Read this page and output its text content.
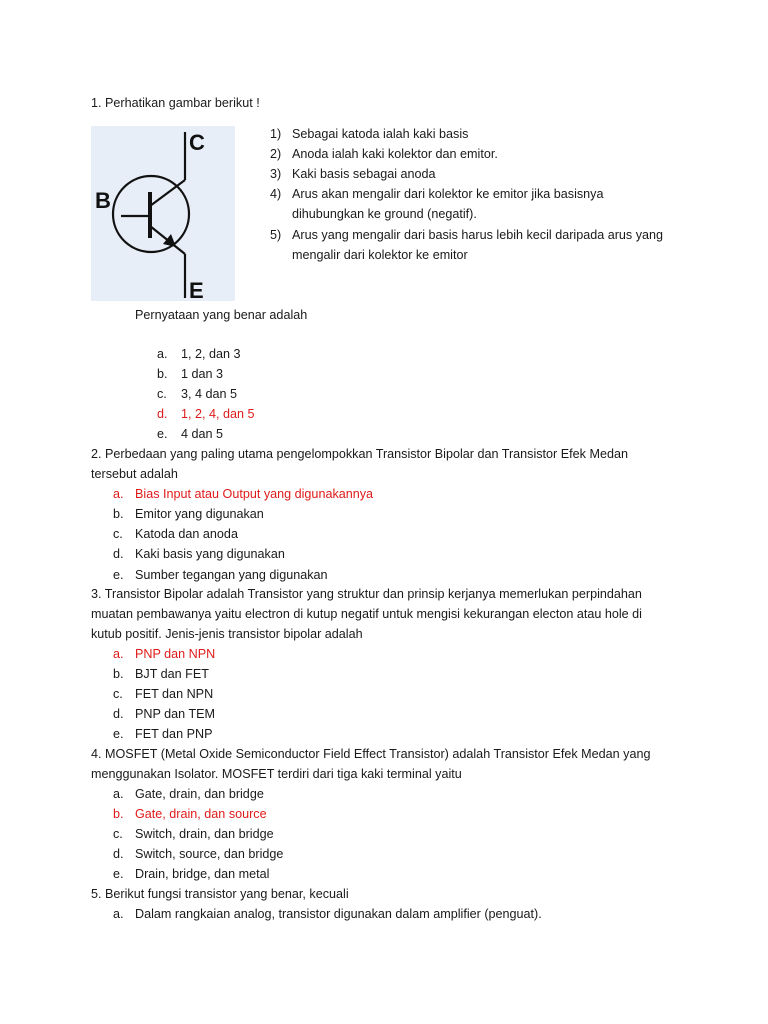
1. Perhatikan gambar berikut !
C
B
E
1) Sebagai katoda ialah kaki basis
2) Anoda ialah kaki kolektor dan emitor.
3) Kaki basis sebagai anoda
4) Arus akan mengalir dari kolektor ke emitor jika basisnya
dihubungkan ke ground (negatif).
5) Arus yang mengalir dari basis harus lebih kecil daripada arus yang
mengalir dari kolektor ke emitor
Pernyataan yang benar adalah
a. 1, 2, dan 3
b. 1 dan 3
c. 3, 4 dan 5
d. 1, 2, 4, dan 5
e. 4 dan 5
2. Perbedaan yang paling utama pengelompokkan Transistor Bipolar dan Transistor Efek Medan
tersebut adalah
a. Bias Input atau Output yang digunakannya
b. Emitor yang digunakan
c. Katoda dan anoda
d. Kaki basis yang digunakan
e. Sumber tegangan yang digunakan
3. Transistor Bipolar adalah Transistor yang struktur dan prinsip kerjanya memerlukan perpindahan
muatan pembawanya yaitu electron di kutup negatif untuk mengisi kekurangan electon atau hole di
kutub positif. Jenis-jenis transistor bipolar adalah
a. PNP dan NPN
b. BJT dan FET
c. FET dan NPN
d. PNP dan TEM
e. FET dan PNP
4. MOSFET (Metal Oxide Semiconductor Field Effect Transistor) adalah Transistor Efek Medan yang
menggunakan Isolator. MOSFET terdiri dari tiga kaki terminal yaitu
a. Gate, drain, dan bridge
b. Gate, drain, dan source
c. Switch, drain, dan bridge
d. Switch, source, dan bridge
e. Drain, bridge, dan metal
5. Berikut fungsi transistor yang benar, kecuali
a. Dalam rangkaian analog, transistor digunakan dalam amplifier (penguat).
